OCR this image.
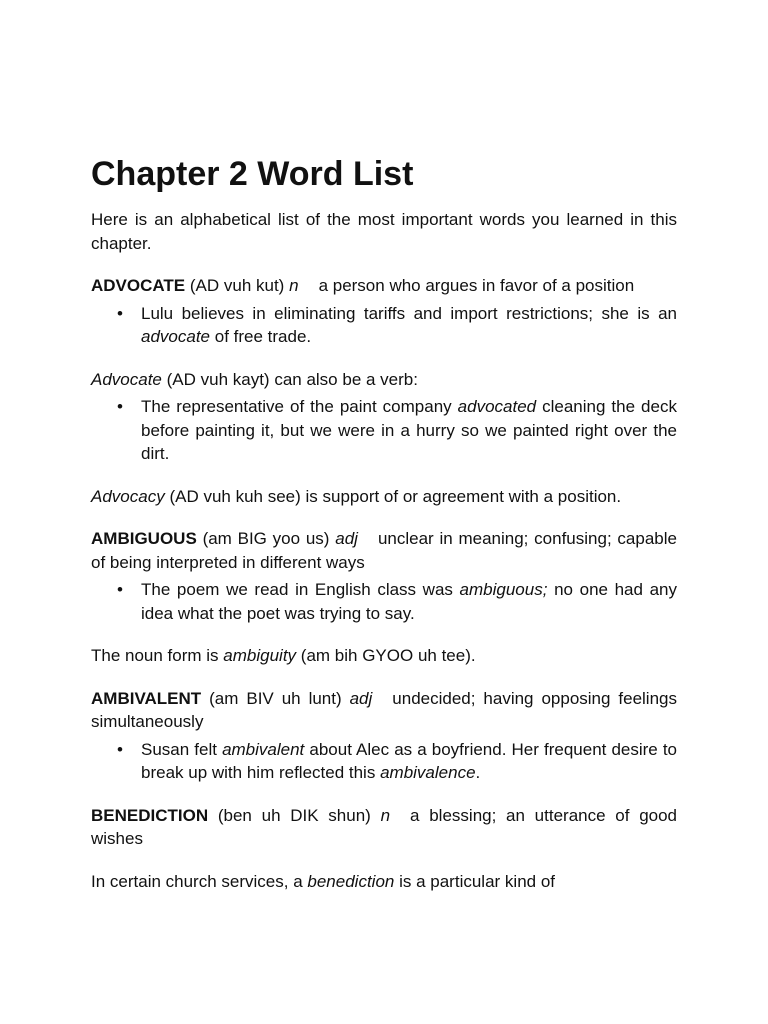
Chapter 2 Word List

Here is an alphabetical list of the most important words you learned in this chapter.

ADVOCATE (AD vuh kut) n a person who argues in favor of a position

• Lulu believes in eliminating tariffs and import restrictions; she is an advocate of free trade.

Advocate (AD vuh kayt) can also be a verb:

• The representative of the paint company advocated cleaning the deck before painting it, but we were in a hurry so we painted right over the dirt.

Advocacy (AD vuh kuh see) is support of or agreement with a position.

AMBIGUOUS (am BIG yoo us) adj unclear in meaning; confusing; capable of being interpreted in different ways

• The poem we read in English class was ambiguous; no one had any idea what the poet was trying to say.

The noun form is ambiguity (am bih GYOO uh tee).

AMBIVALENT (am BIV uh lunt) adj undecided; having opposing feelings simultaneously

• Susan felt ambivalent about Alec as a boyfriend. Her frequent desire to break up with him reflected this ambivalence.

BENEDICTION (ben uh DIK shun) n a blessing; an utterance of good wishes

In certain church services, a benediction is a particular kind of
